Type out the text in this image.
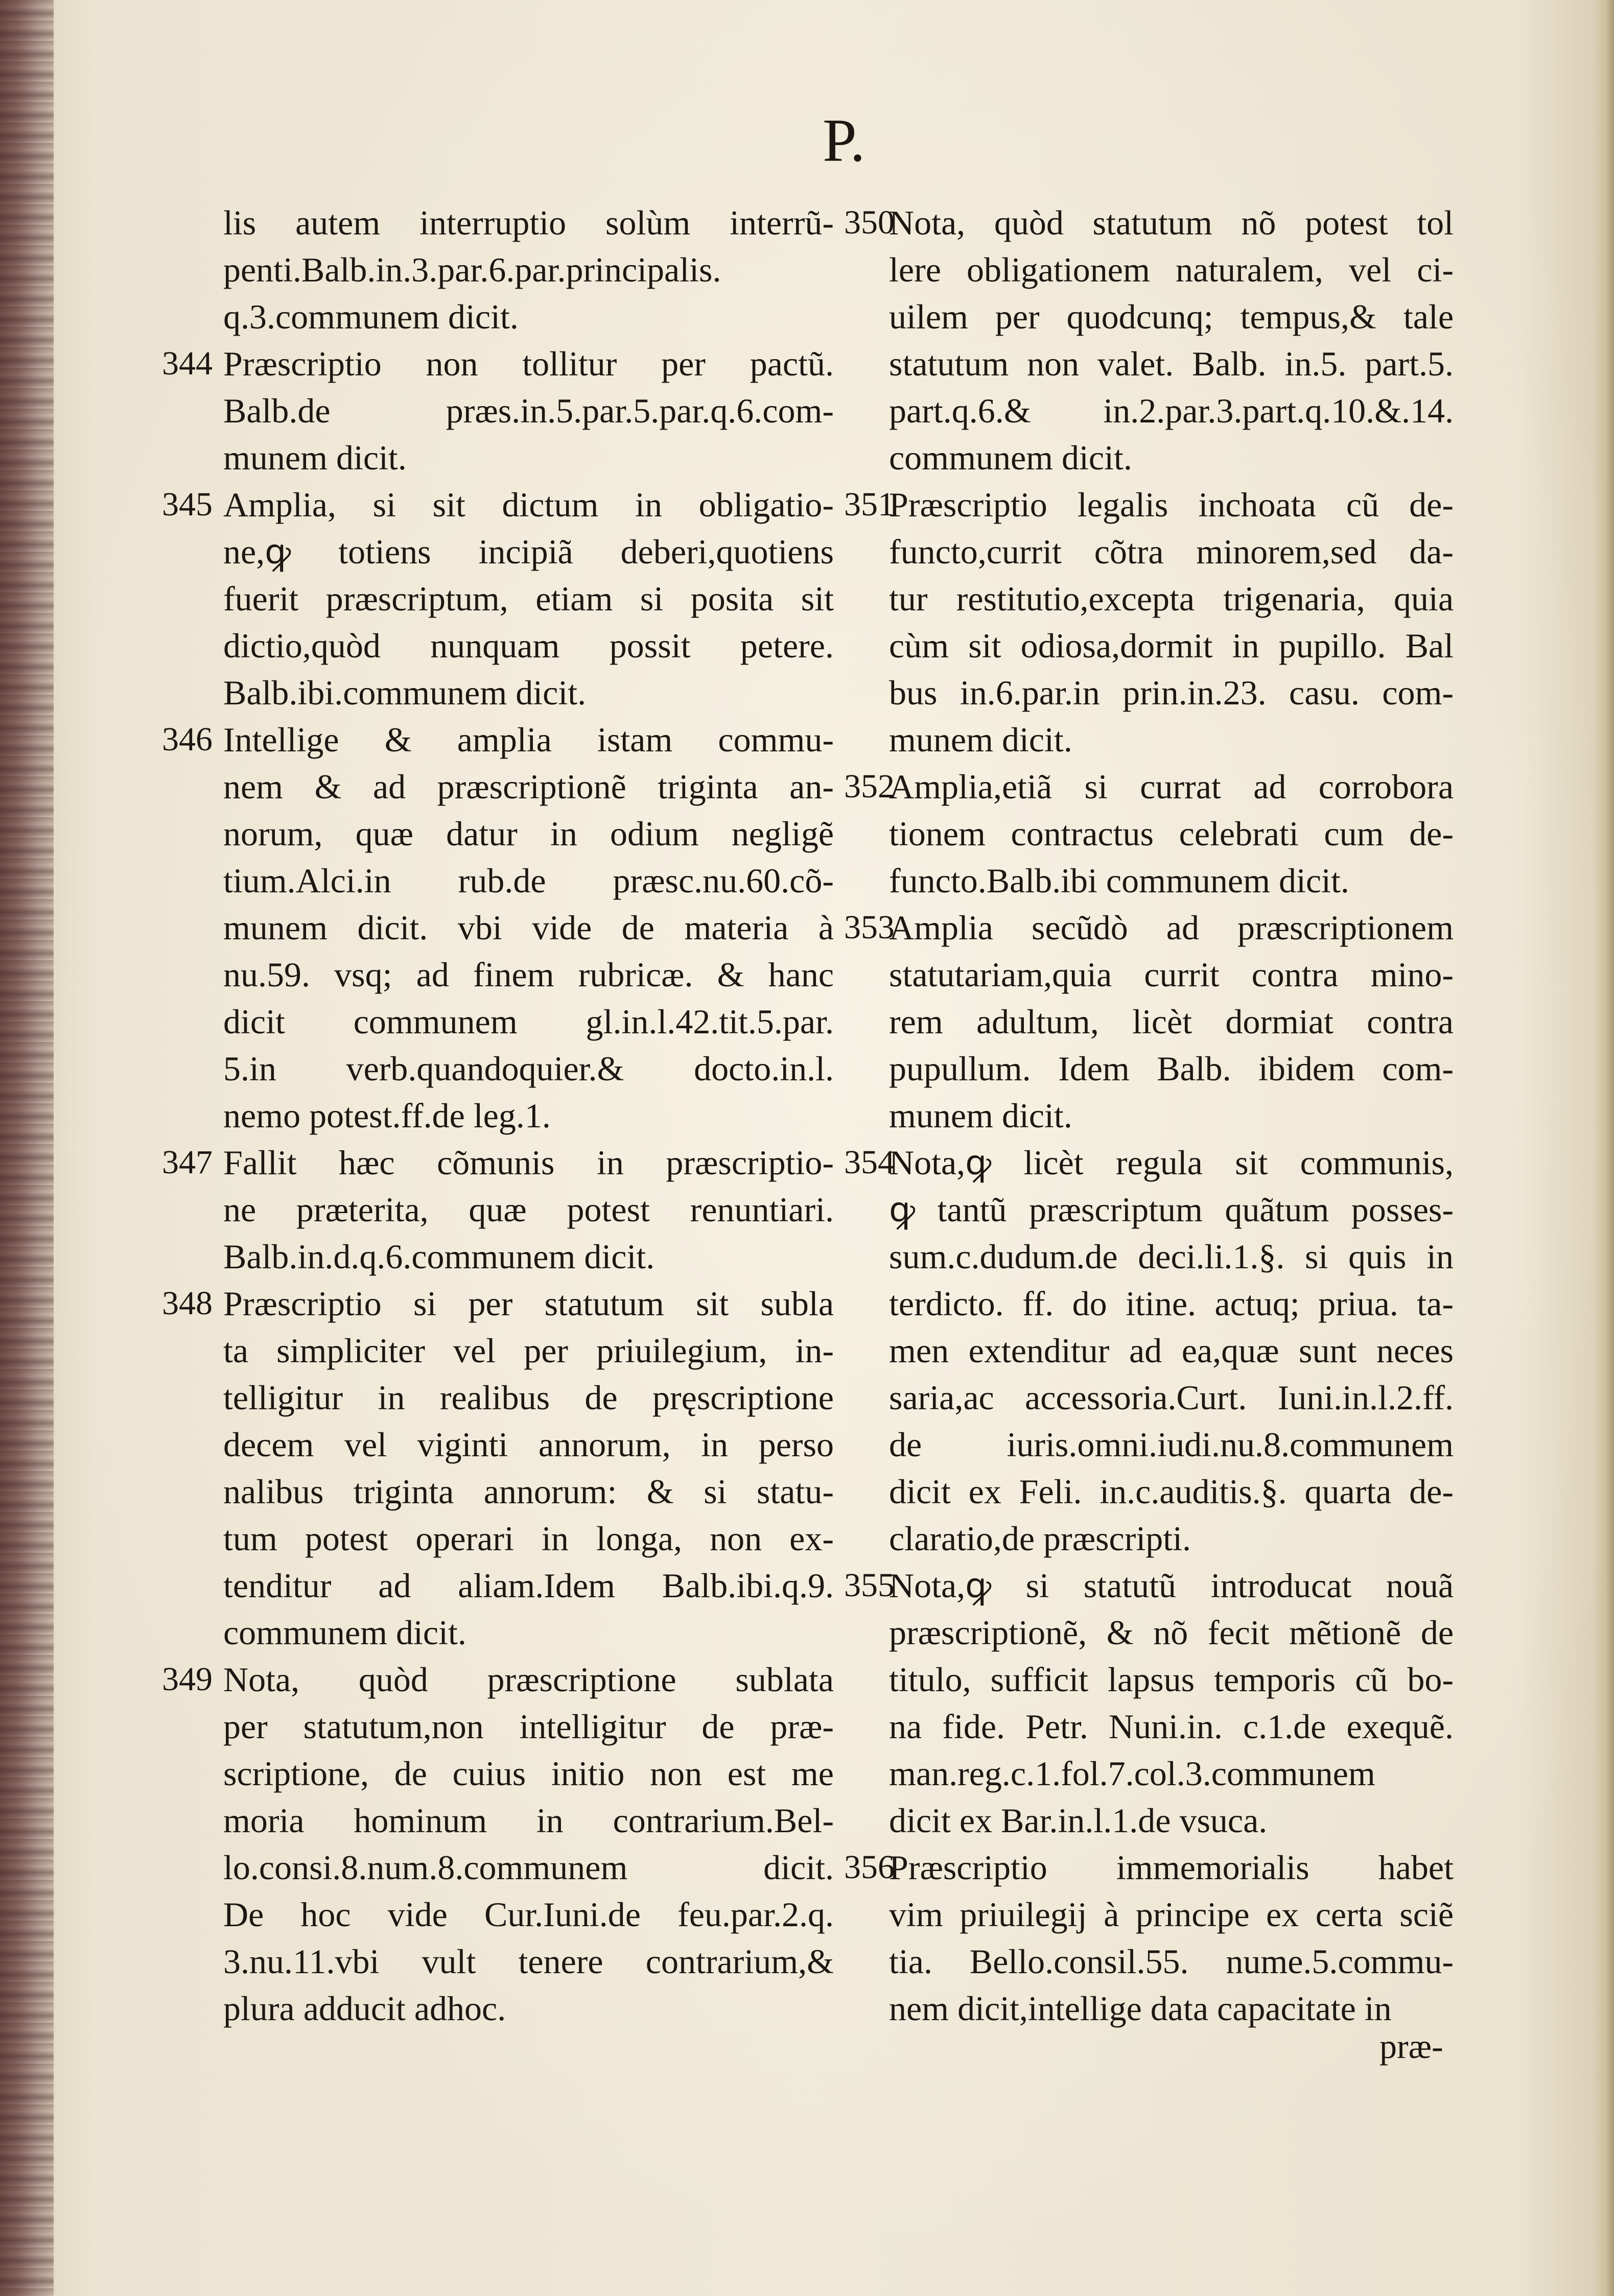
P.
lis autem interruptio solùm interrũ-
penti.Balb.in.3.par.6.par.principalis.
q.3.communem dicit.
344 Præscriptio non tollitur per pactũ.
Balb.de præs.in.5.par.5.par.q.6.com-
munem dicit.
345 Amplia, si sit dictum in obligatio-
ne,ꝙ totiens incipiã deberi,quotiens
fuerit præscriptum, etiam si posita sit
dictio,quòd nunquam possit petere.
Balb.ibi.communem dicit.
346 Intellige & amplia istam commu-
nem & ad præscriptionẽ triginta an-
norum, quæ datur in odium negligẽ
tium.Alci.in rub.de præsc.nu.60.cõ-
munem dicit. vbi vide de materia à
nu.59. vsq; ad finem rubricæ. & hanc
dicit communem gl.in.l.42.tit.5.par.
5.in verb.quandoquier.& docto.in.l.
nemo potest.ff.de leg.1.
347 Fallit hæc cõmunis in præscriptio-
ne præterita, quæ potest renuntiari.
Balb.in.d.q.6.communem dicit.
348 Præscriptio si per statutum sit subla
ta simpliciter vel per priuilegium, in-
telligitur in realibus de pręscriptione
decem vel viginti annorum, in perso
nalibus triginta annorum: & si statu-
tum potest operari in longa, non ex-
tenditur ad aliam.Idem Balb.ibi.q.9.
communem dicit.
349 Nota, quòd præscriptione sublata
per statutum,non intelligitur de præ-
scriptione, de cuius initio non est me
moria hominum in contrarium.Bel-
lo.consi.8.num.8.communem dicit.
De hoc vide Cur.Iuni.de feu.par.2.q.
3.nu.11.vbi vult tenere contrarium,&
plura adducit adhoc.
350
Nota, quòd statutum nõ potest tol
lere obligationem naturalem, vel ci-
uilem per quodcunq; tempus,& tale
statutum non valet. Balb. in.5. part.5.
part.q.6.& in.2.par.3.part.q.10.&.14.
communem dicit.
351
Præscriptio legalis inchoata cũ de-
functo,currit cõtra minorem,sed da-
tur restitutio,excepta trigenaria, quia
cùm sit odiosa,dormit in pupillo. Bal
bus in.6.par.in prin.in.23. casu. com-
munem dicit.
352
Amplia,etiã si currat ad corrobora
tionem contractus celebrati cum de-
functo.Balb.ibi communem dicit.
353
Amplia secũdò ad præscriptionem
statutariam,quia currit contra mino-
rem adultum, licèt dormiat contra
pupullum. Idem Balb. ibidem com-
munem dicit.
354
Nota,ꝙ licèt regula sit communis,
ꝙ tantũ præscriptum quãtum posses-
sum.c.dudum.de deci.li.1.§. si quis in
terdicto. ff. do itine. actuq; priua. ta-
men extenditur ad ea,quæ sunt neces
saria,ac accessoria.Curt. Iuni.in.l.2.ff.
de iuris.omni.iudi.nu.8.communem
dicit ex Feli. in.c.auditis.§. quarta de-
claratio,de præscripti.
355
Nota,ꝙ si statutũ introducat nouã
præscriptionẽ, & nõ fecit mẽtionẽ de
titulo, sufficit lapsus temporis cũ bo-
na fide. Petr. Nuni.in. c.1.de exequẽ.
man.reg.c.1.fol.7.col.3.communem
dicit ex Bar.in.l.1.de vsuca.
356
Præscriptio immemorialis habet
vim priuilegij à principe ex certa sciẽ
tia. Bello.consil.55. nume.5.commu-
nem dicit,intellige data capacitate in
præ-
